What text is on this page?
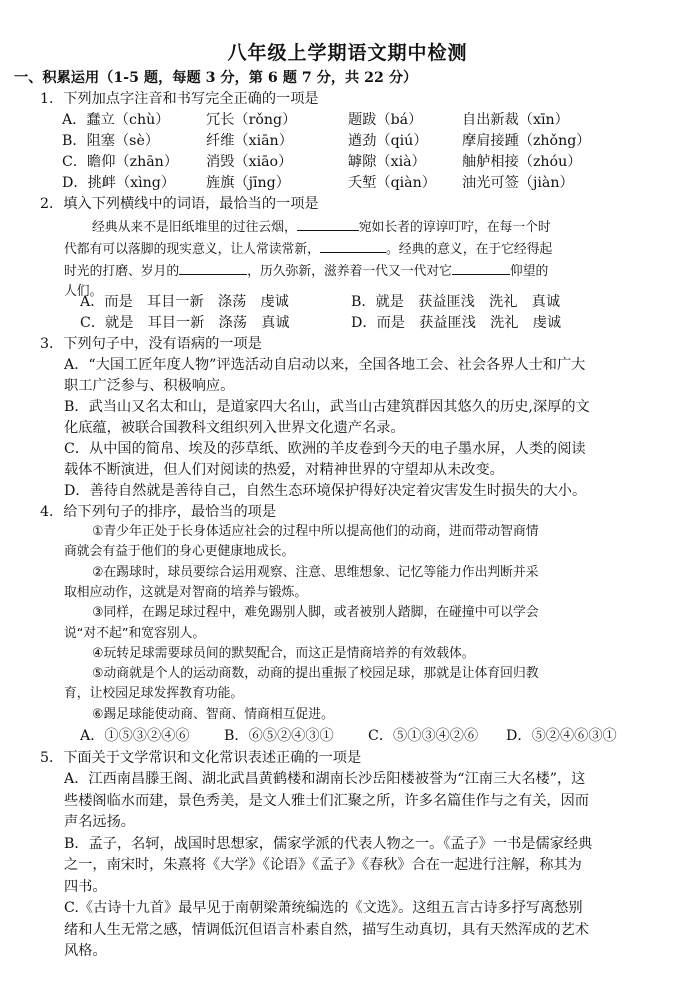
八年级上学期语文期中检测
一、积累运用（1-5 题，每题 3 分，第 6 题 7 分，共 22 分）
1．下列加点字注音和书写完全正确的一项是
A．蠢立（chù）	冗长（rǒng）	题跋（bá）	自出新裁（xīn）
B．阻塞（sè）	纤维（xiān）	遒劲（qiú） 摩肩接踵（zhǒng）
C．瞻仰（zhān） 消毁（xiāo）	罅隙（xià）	舳舻相接（zhóu）
D．挑衅（xìng） 旌旗（jīng）	夭堑（qiàn） 油光可签（jiàn）
2．填入下列横线中的词语，最恰当的一项是
经典从来不是旧纸堆里的过往云烟，	宛如长者的谆谆叮咛，在每一个时
代都有可以落脚的现实意义，让人常读常新，	。经典的意义，在于它经得起
时光的打磨、岁月的	，历久弥新，滋养着一代又一代对它	仰望的
人们。
A．而是　耳目一新　涤荡　虔诚	B．就是　获益匪浅　洗礼　真诚
C．就是　耳目一新　涤荡　真诚	D．而是　获益匪浅　洗礼　虔诚
3．下列句子中，没有语病的一项是
A．“大国工匠年度人物”评选活动自启动以来，全国各地工会、社会各界人士和广大
职工广泛参与、积极响应。
B．武当山又名太和山，是道家四大名山，武当山古建筑群因其悠久的历史,深厚的文
化底蕴，被联合国教科文组织列入世界文化遗产名录。
C．从中国的简帛、埃及的莎草纸、欧洲的羊皮卷到今天的电子墨水屏，人类的阅读
载体不断演进，但人们对阅读的热爱，对精神世界的守望却从未改变。
D．善待自然就是善待自己，自然生态环境保护得好决定着灾害发生时损失的大小。
4．给下列句子的排序，最恰当的项是
①青少年正处于长身体适应社会的过程中所以提高他们的动商，进而带动智商情
商就会有益于他们的身心更健康地成长。
②在踢球时，球员要综合运用观察、注意、思维想象、记忆等能力作出判断并采
取相应动作，这就是对智商的培养与锻炼。
③同样，在踢足球过程中，难免踢别人脚，或者被别人踏脚，在碰撞中可以学会
说“对不起”和宽容别人。
④玩转足球需要球员间的默契配合，而这正是情商培养的有效载体。
⑤动商就是个人的运动商数，动商的提出重振了校园足球，那就是让体育回归教
育，让校园足球发挥教育功能。
⑥踢足球能使动商、智商、情商相互促进。
A．①⑤③②④⑥ B．⑥⑤②④③① C．⑤①③④②⑥ D．⑤②④⑥③①
5．下面关于文学常识和文化常识表述正确的一项是
A．江西南昌滕王阁、湖北武昌黄鹤楼和湖南长沙岳阳楼被誉为“江南三大名楼”，这
些楼阁临水而建，景色秀美，是文人雅士们汇聚之所，许多名篇佳作与之有关，因而
声名远扬。
B．孟子，名轲，战国时思想家，儒家学派的代表人物之一。《孟子》一书是儒家经典
之一，南宋时，朱熹将《大学》《论语》《孟子》《春秋》合在一起进行注解，称其为
四书。
C.《古诗十九首》最早见于南朝梁萧统编选的《文选》。这组五言古诗多抒写离愁别
绪和人生无常之感，情调低沉但语言朴素自然，描写生动真切，具有天然浑成的艺术
风格。
